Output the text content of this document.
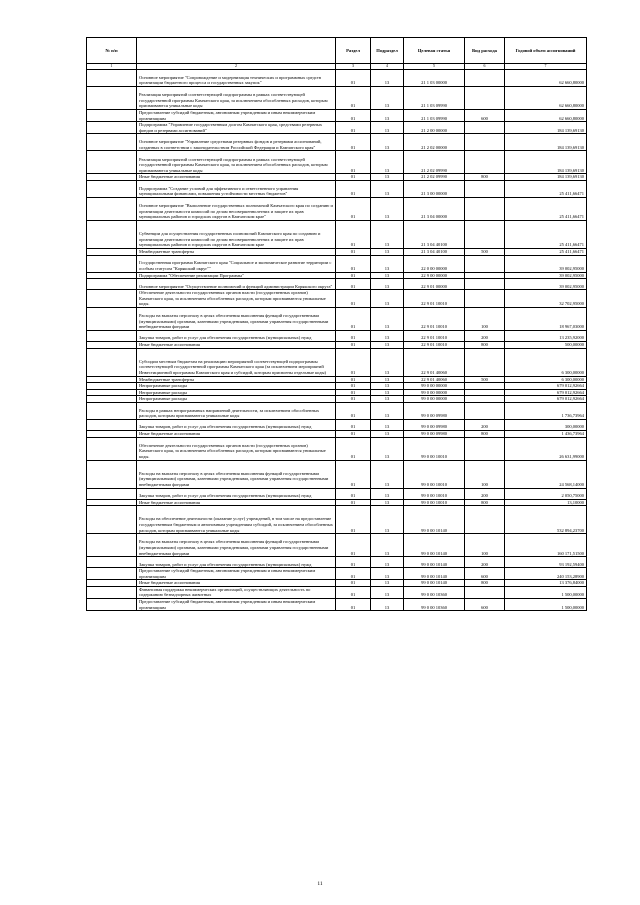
№ п/п		Раздел	Подраздел	Целевая статья	Вид расхода	Годовой объем ассигнований
1	2	3	4	5	6	7
	Основное мероприятие "Сопровождение и модернизация технических и программных средств организации бюджетного процесса и государственных закупок"	01	13	21 1 03 00000		62 660,80000
	Реализация мероприятий соответствующей подпрограммы в рамках соответствующей государственной программы Камчатского края, за исключением обособленных расходов, которым присваиваются уникальные коды	01	13	21 1 03 09990		62 660,80000
	Предоставление субсидий бюджетным, автономным учреждениям и иным некоммерческим организациям	01	13	21 1 03 09990	600	62 660,80000
	Подпрограмма "Управление государственным долгом Камчатского края, средствами резервных фондов и резервами ассигнований"	01	13	21 2 00 00000		184 139,69130
	Основное мероприятие "Управление средствами резервных фондов и резервами ассигнований, созданных в соответствии с законодательством Российской Федерации и Камчатского края"	01	13	21 2 02 00000		184 139,69130
	Реализация мероприятий соответствующей подпрограммы в рамках соответствующей государственной программы Камчатского края, за исключением обособленных расходов, которым присваиваются уникальные коды	01	13	21 2 02 09990		184 139,69130
	Иные бюджетные ассигнования	01	13	21 2 02 09990	800	184 139,69130
	Подпрограмма "Создание условий для эффективного и ответственного управления муниципальными финансами, повышения устойчивости местных бюджетов"	01	13	21 3 00 00000		25 411,66471
	Основное мероприятие "Выполнение государственных полномочий Камчатского края по созданию и организации деятельности комиссий по делам несовершеннолетних и защите их прав муниципальных районов и городских округов в Камчатском крае"	01	13	21 3 04 00000		25 411,66471
	Субвенции для осуществления государственных полномочий Камчатского края по созданию и организации деятельности комиссий по делам несовершеннолетних и защите их прав муниципальных районов и городских округов в Камчатском крае	01	13	21 3 04 40100		25 411,66471
	Межбюджетные трансферты	01	13	21 3 04 40100	500	25 411,66471
	Государственная программа Камчатского края "Социальное и экономическое развитие территории с особым статусом "Корякский округ""	01	13	22 0 00 00000		39 002,95000
	Подпрограмма "Обеспечение реализации Программы"	01	13	22 9 00 00000		39 002,95000
	Основное мероприятие "Осуществление полномочий и функций администрации Корякского округа"	01	13	22 9 01 00000		39 002,95000
	Обеспечение деятельности государственных органов власти (государственных органов) Камчатского края, за исключением обособленных расходов, которым присваиваются уникальные коды.	01	13	22 9 01 10010		32 702,95000
	Расходы на выплаты персоналу в целях обеспечения выполнения функций государственными (муниципальными) органами, казенными учреждениями, органами управления государственными внебюджетными фондами	01	13	22 9 01 10010	100	18 967,03000
	Закупка товаров, работ и услуг для обеспечения государственных (муниципальных) нужд	01	13	22 9 01 10010	200	13 235,92000
	Иные бюджетные ассигнования	01	13	22 9 01 10010	800	500,00000
	Субсидии местным бюджетам на реализацию мероприятий соответствующей подпрограммы соответствующей государственной программы Камчатского края (за исключением мероприятий Инвестиционной программы Камчатского края и субсидий, которым присвоены отдельные коды)	01	13	22 9 01 40060		6 300,00000
	Межбюджетные трансферты	01	13	22 9 01 40060	500	6 300,00000
	Непрограммные расходы	01	13	99 0 00 00000		679 012,92664
	Непрограммные расходы	01	13	99 0 00 00000		679 012,92664
	Непрограммные расходы	01	13	99 0 00 00000		679 012,92664
	Расходы в рамках непрограммных направлений деятельности, за исключением обособленных расходов, которым присваиваются уникальные коды	01	13	99 0 00 09980		1 736,73964
	Закупка товаров, работ и услуг для обеспечения государственных (муниципальных) нужд	01	13	99 0 00 09980	200	300,00000
	Иные бюджетные ассигнования	01	13	99 0 00 09980	800	1 436,73964
	Обеспечение деятельности государственных органов власти (государственных органов) Камчатского края, за исключением обособленных расходов, которым присваиваются уникальные коды.	01	13	99 0 00 10010		26 631,99000
	Расходы на выплаты персоналу в целях обеспечения выполнения функций государственными (муниципальными) органами, казенными учреждениями, органами управления государственными внебюджетными фондами	01	13	99 0 00 10010	100	24 568,14000
	Закупка товаров, работ и услуг для обеспечения государственных (муниципальных) нужд	01	13	99 0 00 10010	200	2 050,75000
	Иные бюджетные ассигнования	01	13	99 0 00 10010	800	13,10000
	Расходы на обеспечение деятельности (оказание услуг) учреждений, в том числе на предоставление государственным бюджетным и автономным учреждениям субсидий, за исключением обособленных расходов, которым присваиваются уникальные коды	01	13	99 0 00 10140		532 894,23700
	Расходы на выплаты персоналу в целях обеспечения выполнения функций государственными (муниципальными) органами, казенными учреждениями, органами управления государственными внебюджетными фондами	01	13	99 0 00 10140	100	160 171,51500
	Закупка товаров, работ и услуг для обеспечения государственных (муниципальных) нужд	01	13	99 0 00 10140	200	93 192,59400
	Предоставление субсидий бюджетным, автономным учреждениям и иным некоммерческим организациям	01	13	99 0 00 10140	600	240 153,28900
	Иные бюджетные ассигнования	01	13	99 0 00 10140	800	13 376,84000
	Финансовая поддержка некоммерческих организаций, осуществляющих деятельность по содержанию безнадзорных животных	01	13	99 0 00 10360		1 500,00000
	Предоставление субсидий бюджетным, автономным учреждениям и иным некоммерческим организациям	01	13	99 0 00 10360	600	1 500,00000
11
